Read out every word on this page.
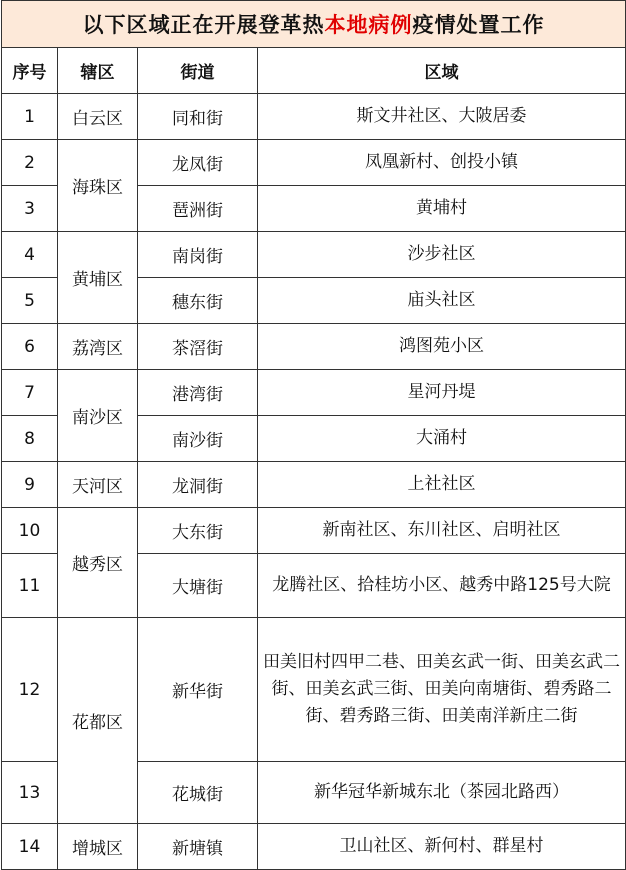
以下区域正在开展登革热本地病例疫情处置工作			
序号	辖区	街道	区域
1	白云区	同和街	斯文井社区、大陂居委
2	海珠区	龙凤街	凤凰新村、创投小镇
3		琶洲街	黄埔村
4	黄埔区	南岗街	沙步社区
5		穗东街	庙头社区
6	荔湾区	茶滘街	鸿图苑小区
7	南沙区	港湾街	星河丹堤
8		南沙街	大涌村
9	天河区	龙洞街	上社社区
10	越秀区	大东街	新南社区、东川社区、启明社区
11		大塘街	龙腾社区、拾桂坊小区、越秀中路125号大院
12	花都区	新华街	田美旧村四甲二巷、田美玄武一街、田美玄武二街、田美玄武三街、田美向南塘街、碧秀路二街、碧秀路三街、田美南洋新庄二街
13		花城街	新华冠华新城东北（茶园北路西）
14	增城区	新塘镇	卫山社区、新何村、群星村
